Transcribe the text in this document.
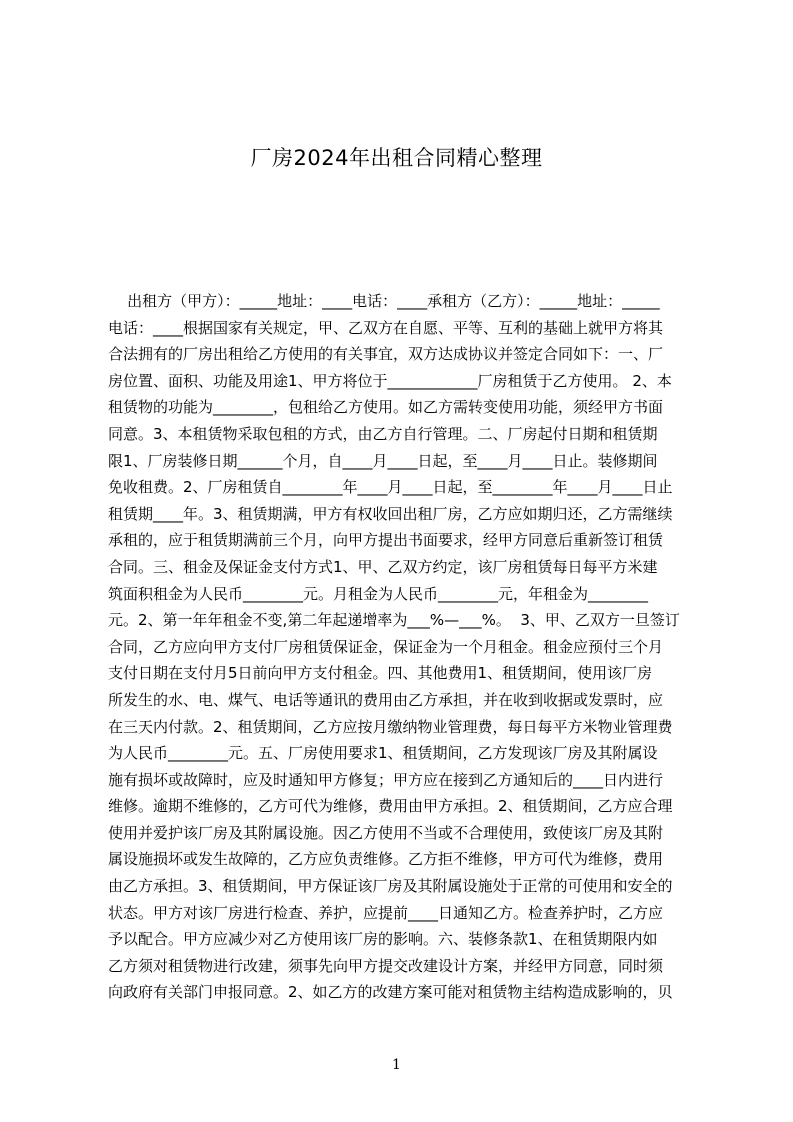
厂房2024年出租合同精心整理
出租方（甲方）：_____地址：____电话：____承租方（乙方）：_____地址：_____
电话：____根据国家有关规定，甲、乙双方在自愿、平等、互利的基础上就甲方将其
合法拥有的厂房出租给乙方使用的有关事宜，双方达成协议并签定合同如下：一、厂
房位置、面积、功能及用途1、甲方将位于____________厂房租赁于乙方使用。 2、本
租赁物的功能为________，包租给乙方使用。如乙方需转变使用功能，须经甲方书面
同意。3、本租赁物采取包租的方式，由乙方自行管理。二、厂房起付日期和租赁期
限1、厂房装修日期______个月，自____月____日起，至____月____日止。装修期间
免收租费。2、厂房租赁自________年____月____日起，至________年____月____日止
租赁期____年。3、租赁期满，甲方有权收回出租厂房，乙方应如期归还，乙方需继续
承租的，应于租赁期满前三个月，向甲方提出书面要求，经甲方同意后重新签订租赁
合同。三、租金及保证金支付方式1、甲、乙双方约定，该厂房租赁每日每平方米建
筑面积租金为人民币________元。月租金为人民币________元，年租金为________
元。2、第一年年租金不变,第二年起递增率为___%—___%。  3、甲、乙双方一旦签订
合同，乙方应向甲方支付厂房租赁保证金，保证金为一个月租金。租金应预付三个月
支付日期在支付月5日前向甲方支付租金。四、其他费用1、租赁期间，使用该厂房
所发生的水、电、煤气、电话等通讯的费用由乙方承担，并在收到收据或发票时，应
在三天内付款。2、租赁期间，乙方应按月缴纳物业管理费，每日每平方米物业管理费
为人民币________元。五、厂房使用要求1、租赁期间，乙方发现该厂房及其附属设
施有损坏或故障时，应及时通知甲方修复；甲方应在接到乙方通知后的____日内进行
维修。逾期不维修的，乙方可代为维修，费用由甲方承担。2、租赁期间，乙方应合理
使用并爱护该厂房及其附属设施。因乙方使用不当或不合理使用，致使该厂房及其附
属设施损坏或发生故障的，乙方应负责维修。乙方拒不维修，甲方可代为维修，费用
由乙方承担。3、租赁期间，甲方保证该厂房及其附属设施处于正常的可使用和安全的
状态。甲方对该厂房进行检查、养护，应提前____日通知乙方。检查养护时，乙方应
予以配合。甲方应减少对乙方使用该厂房的影响。六、装修条款1、在租赁期限内如
乙方须对租赁物进行改建，须事先向甲方提交改建设计方案，并经甲方同意，同时须
向政府有关部门申报同意。2、如乙方的改建方案可能对租赁物主结构造成影响的，贝
1
